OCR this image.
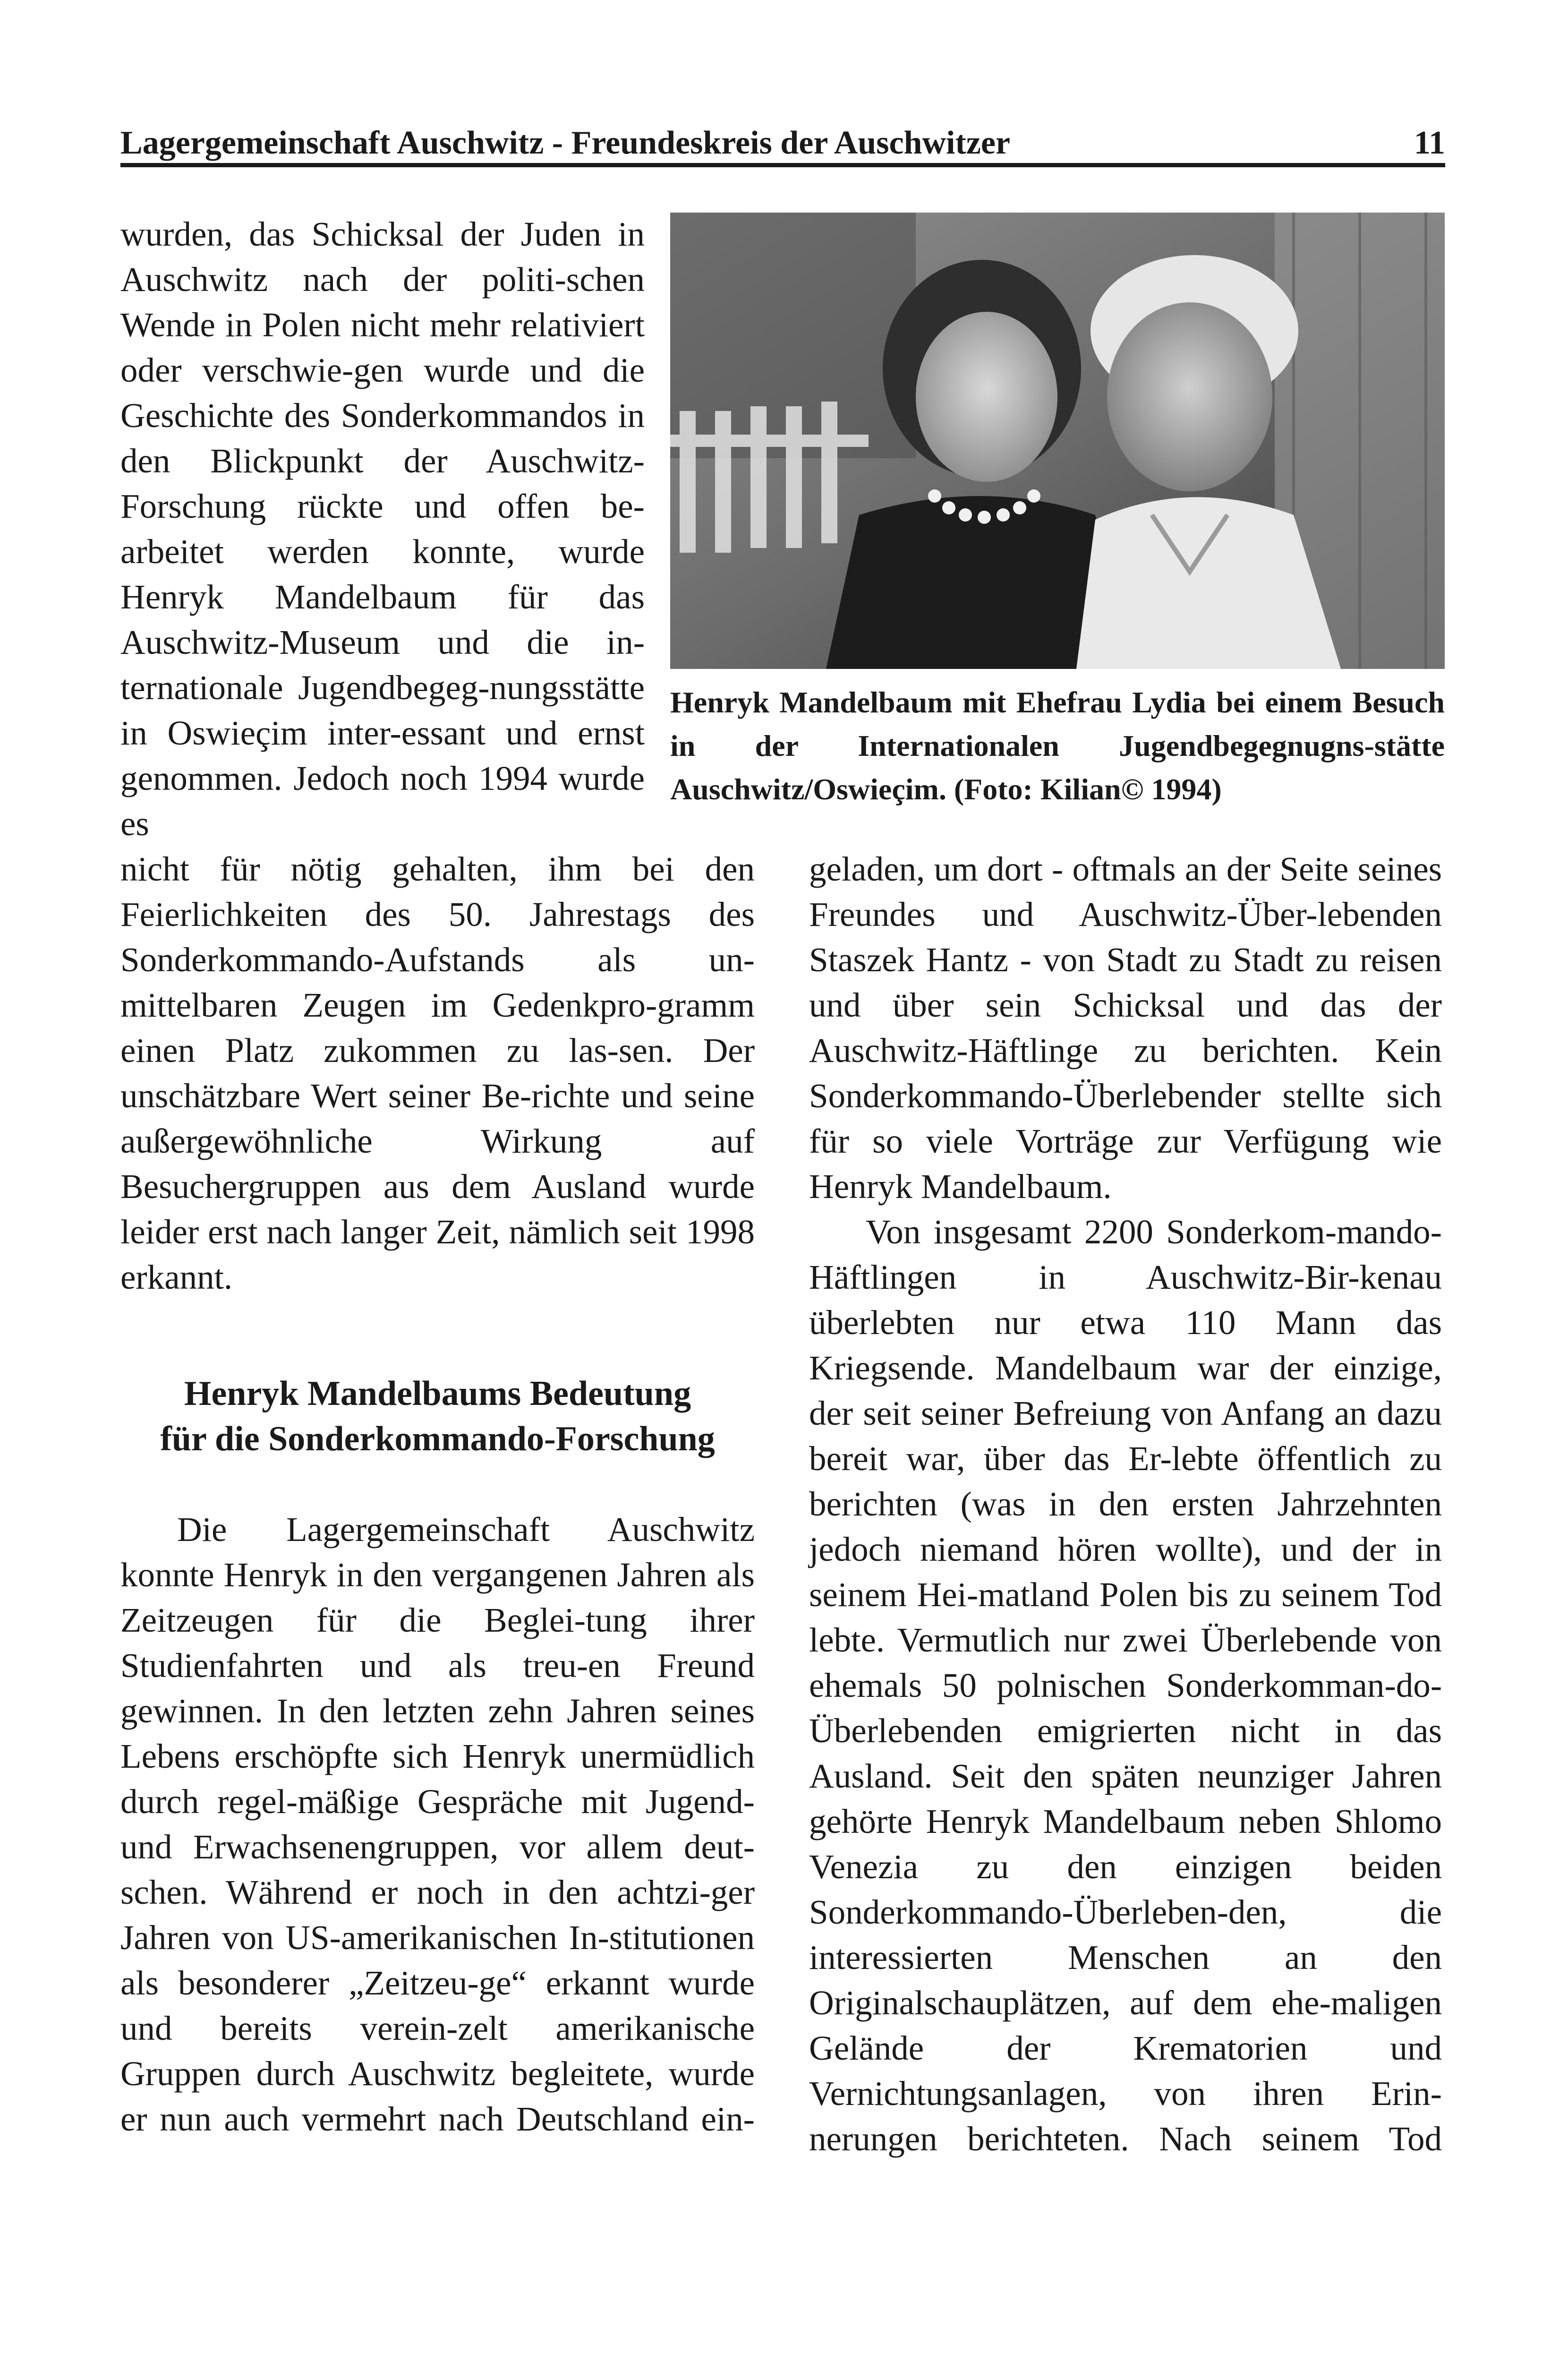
Lagergemeinschaft Auschwitz - Freundeskreis der Auschwitzer	11

wurden, das Schicksal der Juden in Auschwitz nach der politi-schen Wende in Polen nicht mehr relativiert oder verschwie-gen wurde und die Geschichte des Sonderkommandos in den Blickpunkt der Auschwitz-Forschung rückte und offen be-arbeitet werden konnte, wurde Henryk Mandelbaum für das Auschwitz-Museum und die in-ternationale Jugendbegeg-nungsstätte in Oswieçim inter-essant und ernst genommen. Jedoch noch 1994 wurde es

Henryk Mandelbaum mit Ehefrau Lydia bei einem Besuch in der Internationalen Jugendbegegnugns-stätte Auschwitz/Oswieçim. (Foto: Kilian© 1994)

nicht für nötig gehalten, ihm bei den Feierlichkeiten des 50. Jahrestags des Sonderkommando-Aufstands als un-mittelbaren Zeugen im Gedenkpro-gramm einen Platz zukommen zu las-sen. Der unschätzbare Wert seiner Be-richte und seine außergewöhnliche Wirkung auf Besuchergruppen aus dem Ausland wurde leider erst nach langer Zeit, nämlich seit 1998 erkannt.

Henryk Mandelbaums Bedeutung
für die Sonderkommando-Forschung

Die Lagergemeinschaft Auschwitz konnte Henryk in den vergangenen Jahren als Zeitzeugen für die Beglei-tung ihrer Studienfahrten und als treu-en Freund gewinnen. In den letzten zehn Jahren seines Lebens erschöpfte sich Henryk unermüdlich durch regel-mäßige Gespräche mit Jugend- und Erwachsenengruppen, vor allem deut-schen. Während er noch in den achtzi-ger Jahren von US-amerikanischen In-stitutionen als besonderer „Zeitzeu-ge“ erkannt wurde und bereits verein-zelt amerikanische Gruppen durch Auschwitz begleitete, wurde er nun auch vermehrt nach Deutschland ein-

geladen, um dort - oftmals an der Seite seines Freundes und Auschwitz-Über-lebenden Staszek Hantz - von Stadt zu Stadt zu reisen und über sein Schicksal und das der Auschwitz-Häftlinge zu berichten. Kein Sonderkommando-Überlebender stellte sich für so viele Vorträge zur Verfügung wie Henryk Mandelbaum.

Von insgesamt 2200 Sonderkom-mando-Häftlingen in Auschwitz-Bir-kenau überlebten nur etwa 110 Mann das Kriegsende. Mandelbaum war der einzige, der seit seiner Befreiung von Anfang an dazu bereit war, über das Er-lebte öffentlich zu berichten (was in den ersten Jahrzehnten jedoch niemand hören wollte), und der in seinem Hei-matland Polen bis zu seinem Tod lebte. Vermutlich nur zwei Überlebende von ehemals 50 polnischen Sonderkomman-do-Überlebenden emigrierten nicht in das Ausland. Seit den späten neunziger Jahren gehörte Henryk Mandelbaum neben Shlomo Venezia zu den einzigen beiden Sonderkommando-Überleben-den, die interessierten Menschen an den Originalschauplätzen, auf dem ehe-maligen Gelände der Krematorien und Vernichtungsanlagen, von ihren Erin-nerungen berichteten. Nach seinem Tod
